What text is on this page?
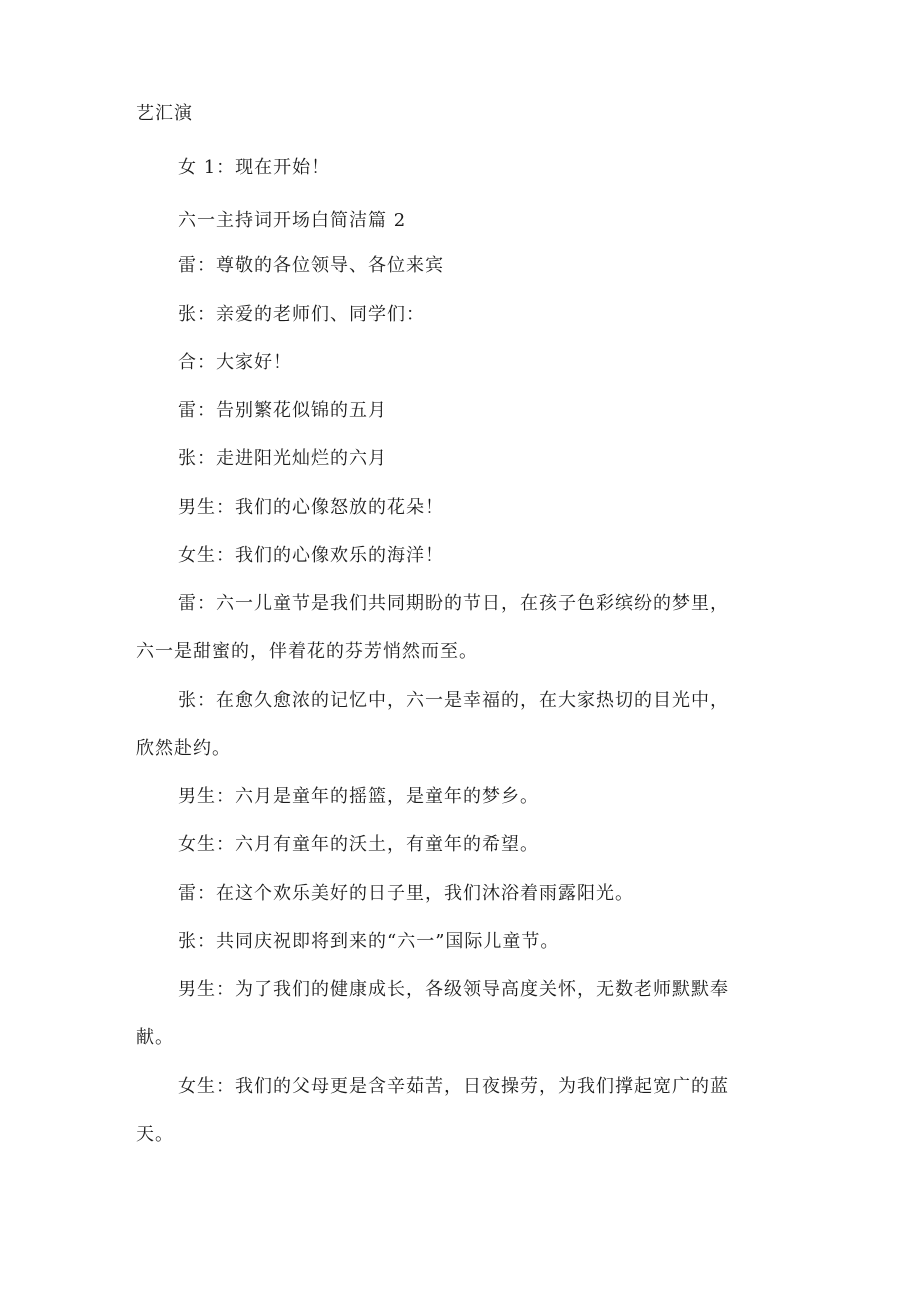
艺汇演
女 1：现在开始！
六一主持词开场白简洁篇 2
雷：尊敬的各位领导、各位来宾
张：亲爱的老师们、同学们：
合：大家好！
雷：告别繁花似锦的五月
张：走进阳光灿烂的六月
男生：我们的心像怒放的花朵！
女生：我们的心像欢乐的海洋！
雷：六一儿童节是我们共同期盼的节日，在孩子色彩缤纷的梦里，
六一是甜蜜的，伴着花的芬芳悄然而至。
张：在愈久愈浓的记忆中，六一是幸福的，在大家热切的目光中，
欣然赴约。
男生：六月是童年的摇篮，是童年的梦乡。
女生：六月有童年的沃土，有童年的希望。
雷：在这个欢乐美好的日子里，我们沐浴着雨露阳光。
张：共同庆祝即将到来的“六一”国际儿童节。
男生：为了我们的健康成长，各级领导高度关怀，无数老师默默奉
献。
女生：我们的父母更是含辛茹苦，日夜操劳，为我们撑起宽广的蓝
天。
